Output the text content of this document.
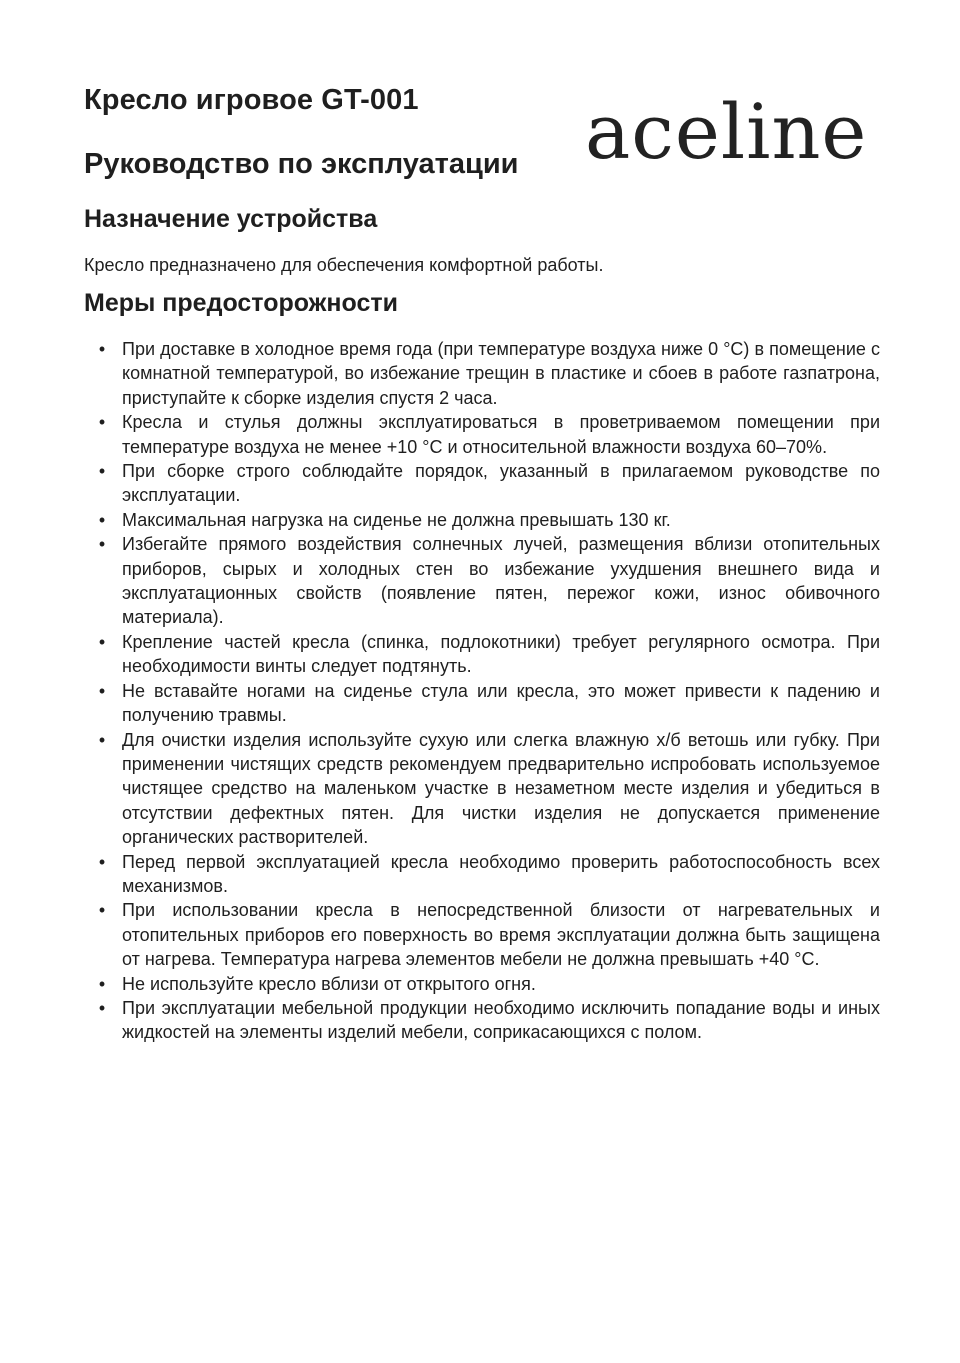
Кресло игровое GT-001
Руководство по эксплуатации aceline
Назначение устройства

Кресло предназначено для обеспечения комфортной работы.

Меры предосторожности
• При доставке в холодное время года (при температуре воздуха ниже 0 °C) в помещение с комнатной температурой, во избежание трещин в пластике и сбоев в работе газпатрона, приступайте к сборке изделия спустя 2 часа.
• Кресла и стулья должны эксплуатироваться в проветриваемом помещении при температуре воздуха не менее +10 °C и относительной влажности воздуха 60–70%.
• При сборке строго соблюдайте порядок, указанный в прилагаемом руководстве по эксплуатации.
• Максимальная нагрузка на сиденье не должна превышать 130 кг.
• Избегайте прямого воздействия солнечных лучей, размещения вблизи отопительных приборов, сырых и холодных стен во избежание ухудшения внешнего вида и эксплуатационных свойств (появление пятен, пережог кожи, износ обивочного материала).
• Крепление частей кресла (спинка, подлокотники) требует регулярного осмотра. При необходимости винты следует подтянуть.
• Не вставайте ногами на сиденье стула или кресла, это может привести к падению и получению травмы.
• Для очистки изделия используйте сухую или слегка влажную х/б ветошь или губку. При применении чистящих средств рекомендуем предварительно испробовать используемое чистящее средство на маленьком участке в незаметном месте изделия и убедиться в отсутствии дефектных пятен. Для чистки изделия не допускается применение органических растворителей.
• Перед первой эксплуатацией кресла необходимо проверить работоспособность всех механизмов.
• При использовании кресла в непосредственной близости от нагревательных и отопительных приборов его поверхность во время эксплуатации должна быть защищена от нагрева. Температура нагрева элементов мебели не должна превышать +40 °C.
• Не используйте кресло вблизи от открытого огня.
• При эксплуатации мебельной продукции необходимо исключить попадание воды и иных жидкостей на элементы изделий мебели, соприкасающихся с полом.
